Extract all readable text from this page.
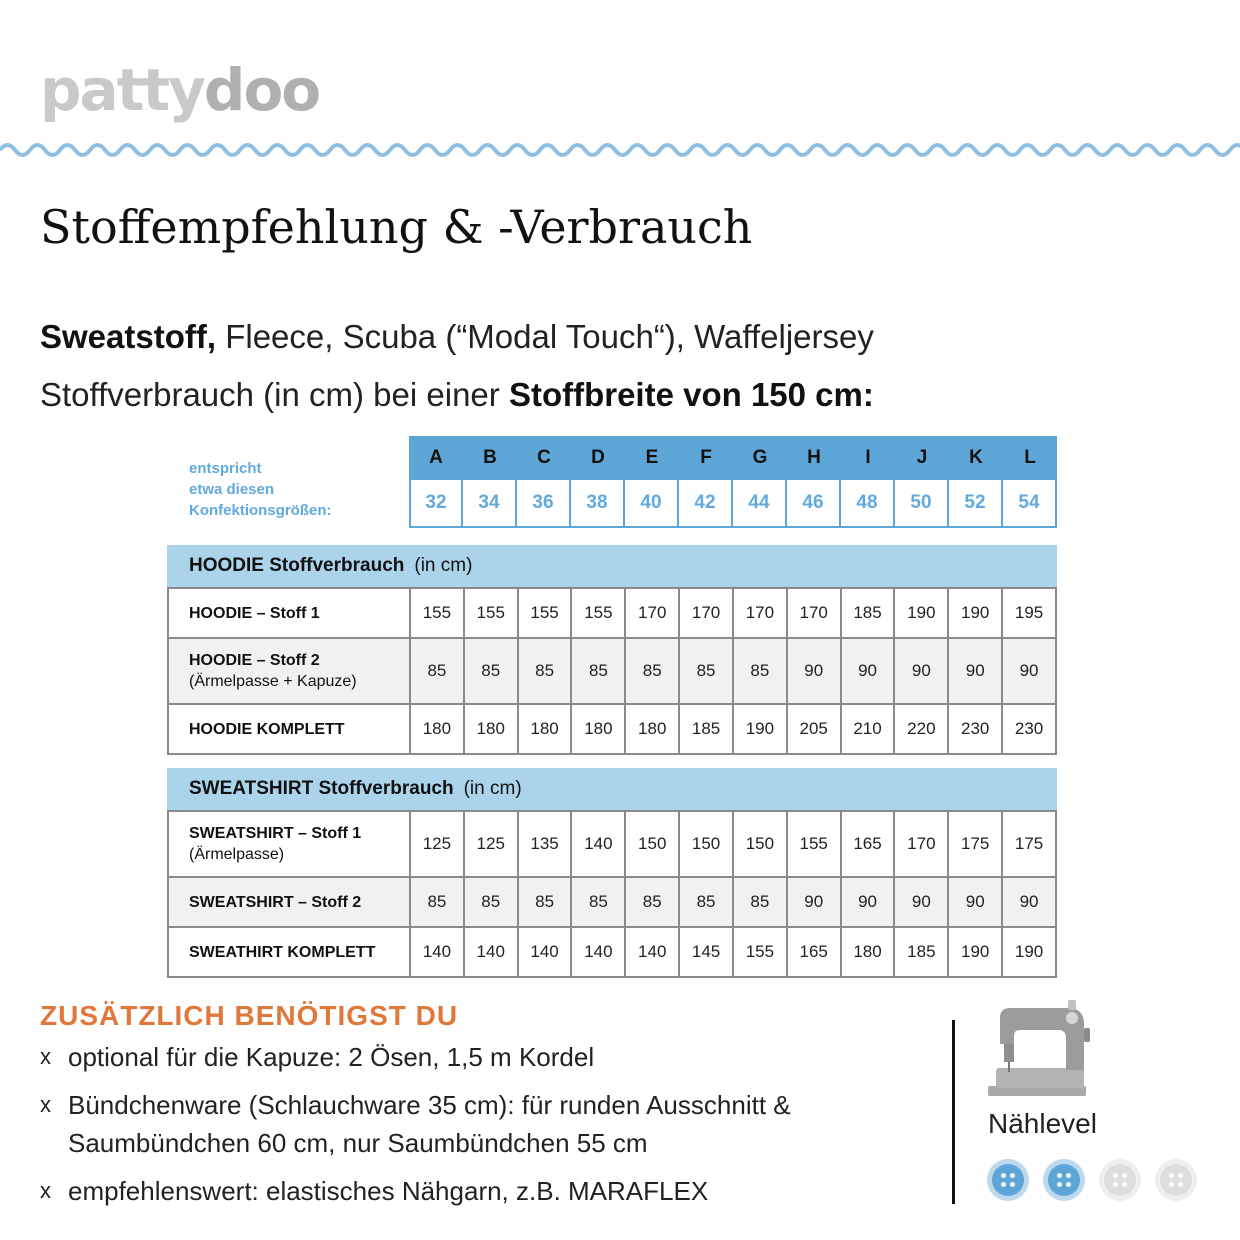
pattydoo
Stoffempfehlung & -Verbrauch
Sweatstoff, Fleece, Scuba (“Modal Touch“), Waffeljersey
Stoffverbrauch (in cm) bei einer Stoffbreite von 150 cm:
entspricht
etwa diesen
Konfektionsgrößen:
A	B	C	D	E	F	G	H	I	J	K	L
32	34	36	38	40	42	44	46	48	50	52	54
HOODIE Stoffverbrauch (in cm)
HOODIE – Stoff 1	155	155	155	155	170	170	170	170	185	190	190	195
HOODIE – Stoff 2
(Ärmelpasse + Kapuze)	85	85	85	85	85	85	85	90	90	90	90	90
HOODIE KOMPLETT	180	180	180	180	180	185	190	205	210	220	230	230
SWEATSHIRT Stoffverbrauch (in cm)
SWEATSHIRT – Stoff 1
(Ärmelpasse)	125	125	135	140	150	150	150	155	165	170	175	175
SWEATSHIRT – Stoff 2	85	85	85	85	85	85	85	90	90	90	90	90
SWEATHIRT KOMPLETT	140	140	140	140	140	145	155	165	180	185	190	190
ZUSÄTZLICH BENÖTIGST DU
x optional für die Kapuze: 2 Ösen, 1,5 m Kordel
x Bündchenware (Schlauchware 35 cm): für runden Ausschnitt & Saumbündchen 60 cm, nur Saumbündchen 55 cm
x empfehlenswert: elastisches Nähgarn, z.B. MARAFLEX
Nählevel
